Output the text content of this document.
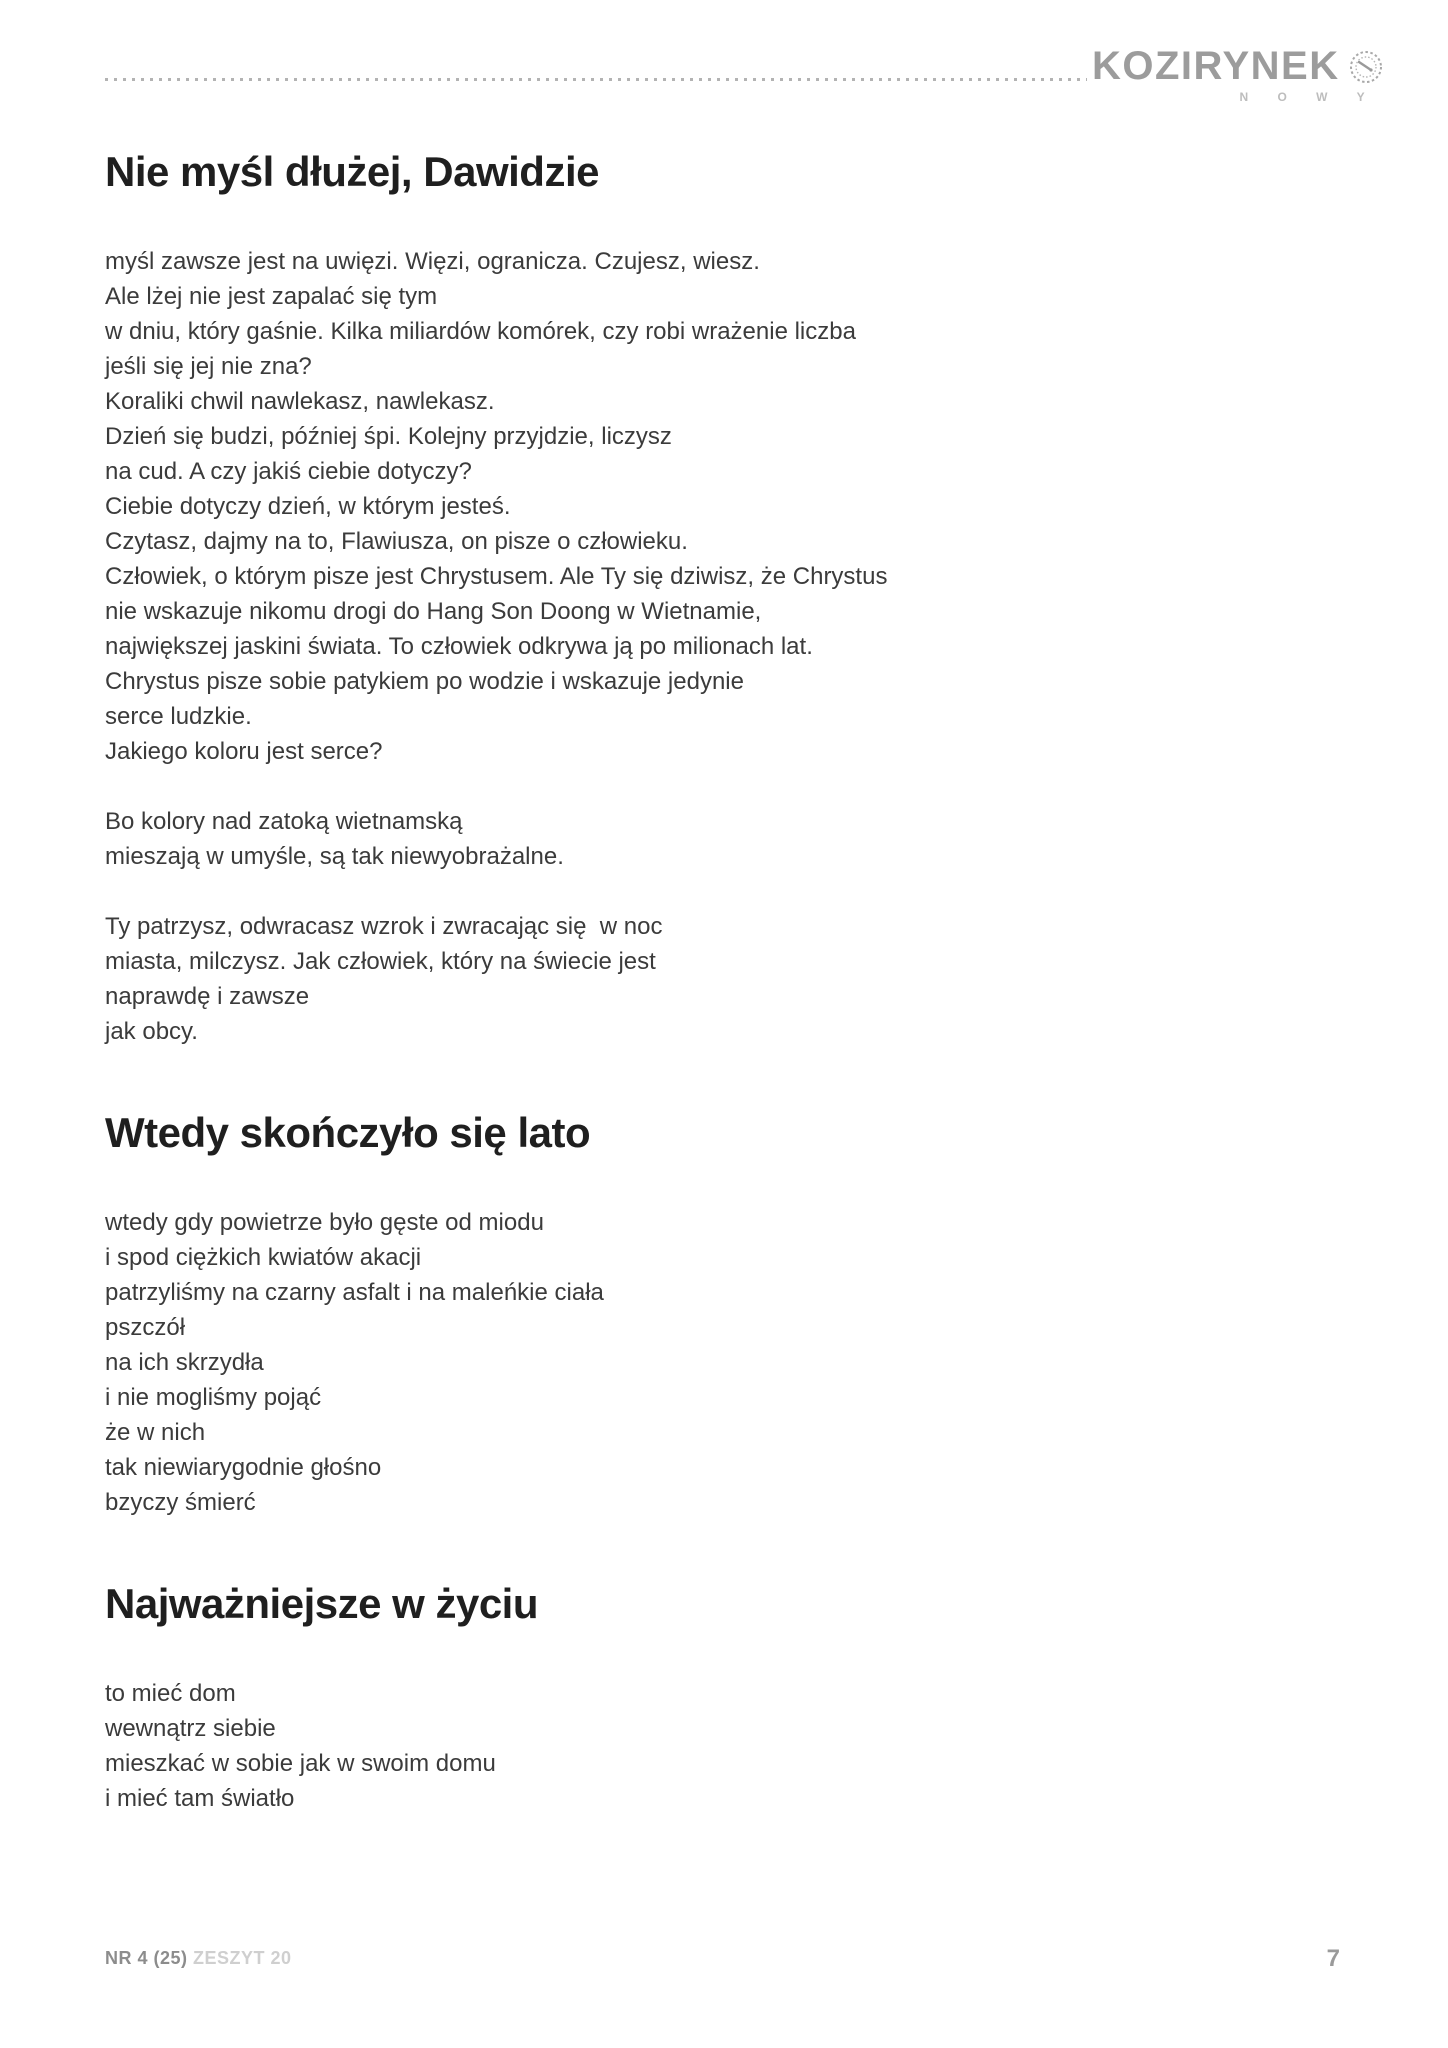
KOZIRYNEK
N O W Y
Nie myśl dłużej, Dawidzie
myśl zawsze jest na uwięzi. Więzi, ogranicza. Czujesz, wiesz.
Ale lżej nie jest zapalać się tym
w dniu, który gaśnie. Kilka miliardów komórek, czy robi wrażenie liczba
jeśli się jej nie zna?
Koraliki chwil nawlekasz, nawlekasz.
Dzień się budzi, później śpi. Kolejny przyjdzie, liczysz
na cud. A czy jakiś ciebie dotyczy?
Ciebie dotyczy dzień, w którym jesteś.
Czytasz, dajmy na to, Flawiusza, on pisze o człowieku.
Człowiek, o którym pisze jest Chrystusem. Ale Ty się dziwisz, że Chrystus
nie wskazuje nikomu drogi do Hang Son Doong w Wietnamie,
największej jaskini świata. To człowiek odkrywa ją po milionach lat.
Chrystus pisze sobie patykiem po wodzie i wskazuje jedynie
serce ludzkie.
Jakiego koloru jest serce?
Bo kolory nad zatoką wietnamską
mieszają w umyśle, są tak niewyobrażalne.
Ty patrzysz, odwracasz wzrok i zwracając się  w noc
miasta, milczysz. Jak człowiek, który na świecie jest
naprawdę i zawsze
jak obcy.
Wtedy skończyło się lato
wtedy gdy powietrze było gęste od miodu
i spod ciężkich kwiatów akacji
patrzyliśmy na czarny asfalt i na maleńkie ciała
pszczół
na ich skrzydła
i nie mogliśmy pojąć
że w nich
tak niewiarygodnie głośno
bzyczy śmierć
Najważniejsze w życiu
to mieć dom
wewnątrz siebie
mieszkać w sobie jak w swoim domu
i mieć tam światło
NR 4 (25) ZESZYT 20	7
